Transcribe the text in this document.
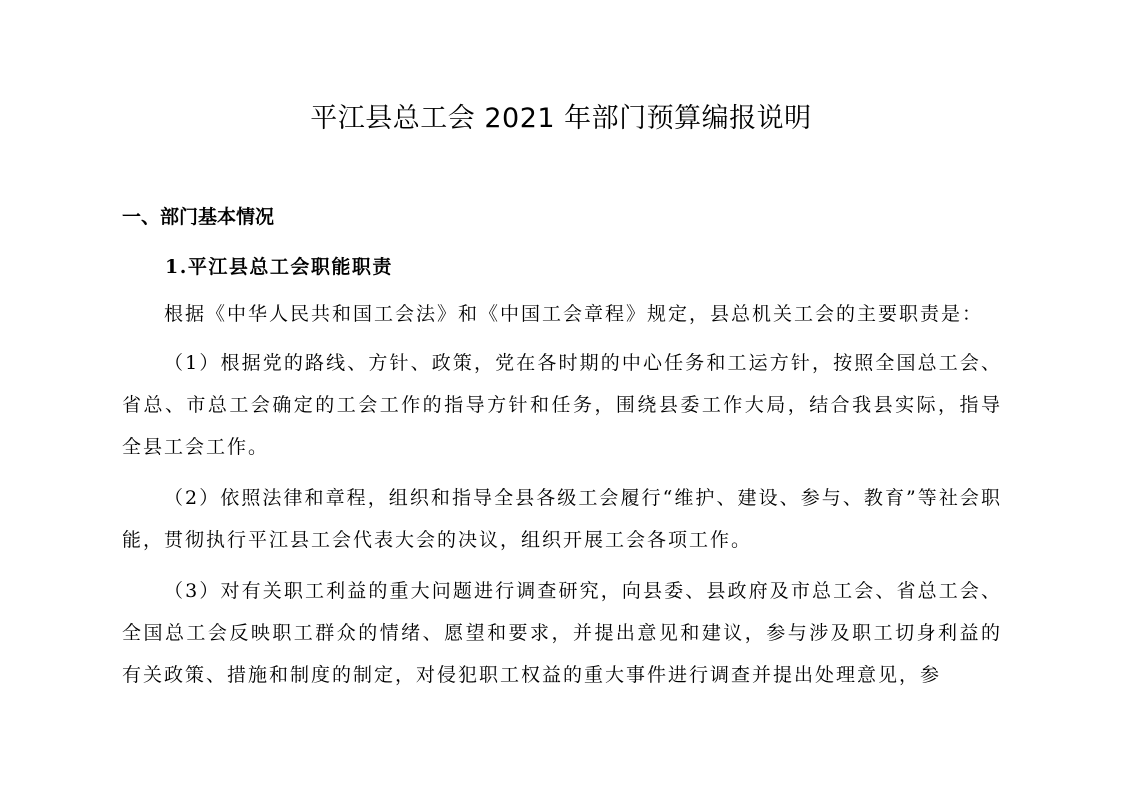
平江县总工会 2021 年部门预算编报说明
一、部门基本情况
1.平江县总工会职能职责

根据《中华人民共和国工会法》和《中国工会章程》规定，县总机关工会的主要职责是：

（1）根据党的路线、方针、政策，党在各时期的中心任务和工运方针，按照全国总工会、省总、市总工会确定的工会工作的指导方针和任务，围绕县委工作大局，结合我县实际，指导全县工会工作。

（2）依照法律和章程，组织和指导全县各级工会履行“维护、建设、参与、教育”等社会职能，贯彻执行平江县工会代表大会的决议，组织开展工会各项工作。

（3）对有关职工利益的重大问题进行调查研究，向县委、县政府及市总工会、省总工会、全国总工会反映职工群众的情绪、愿望和要求，并提出意见和建议，参与涉及职工切身利益的有关政策、措施和制度的制定，对侵犯职工权益的重大事件进行调查并提出处理意见，参
